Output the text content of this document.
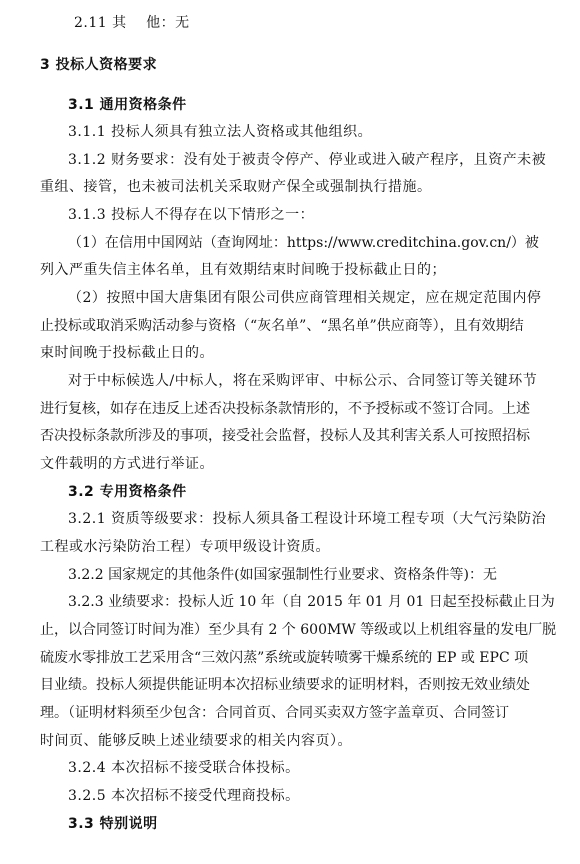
2.11 其　 他：无
3 投标人资格要求
3.1 通用资格条件
3.1.1 投标人须具有独立法人资格或其他组织。
3.1.2 财务要求：没有处于被责令停产、停业或进入破产程序，且资产未被
重组、接管，也未被司法机关采取财产保全或强制执行措施。
3.1.3 投标人不得存在以下情形之一：
（1）在信用中国网站（查询网址：https://www.creditchina.gov.cn/）被
列入严重失信主体名单，且有效期结束时间晚于投标截止日的；
（2）按照中国大唐集团有限公司供应商管理相关规定，应在规定范围内停
止投标或取消采购活动参与资格（“灰名单”、“黑名单”供应商等），且有效期结
束时间晚于投标截止日的。
对于中标候选人/中标人，将在采购评审、中标公示、合同签订等关键环节
进行复核，如存在违反上述否决投标条款情形的，不予授标或不签订合同。上述
否决投标条款所涉及的事项，接受社会监督，投标人及其利害关系人可按照招标
文件载明的方式进行举证。
3.2 专用资格条件
3.2.1 资质等级要求：投标人须具备工程设计环境工程专项（大气污染防治
工程或水污染防治工程）专项甲级设计资质。
3.2.2 国家规定的其他条件(如国家强制性行业要求、资格条件等)：无
3.2.3 业绩要求：投标人近 10 年（自 2015 年 01 月 01 日起至投标截止日为
止，以合同签订时间为准）至少具有 2 个 600MW 等级或以上机组容量的发电厂脱
硫废水零排放工艺采用含“三效闪蒸”系统或旋转喷雾干燥系统的 EP 或 EPC 项
目业绩。投标人须提供能证明本次招标业绩要求的证明材料，否则按无效业绩处
理。（证明材料须至少包含：合同首页、合同买卖双方签字盖章页、合同签订
时间页、能够反映上述业绩要求的相关内容页）。
3.2.4 本次招标不接受联合体投标。
3.2.5 本次招标不接受代理商投标。
3.3 特别说明
